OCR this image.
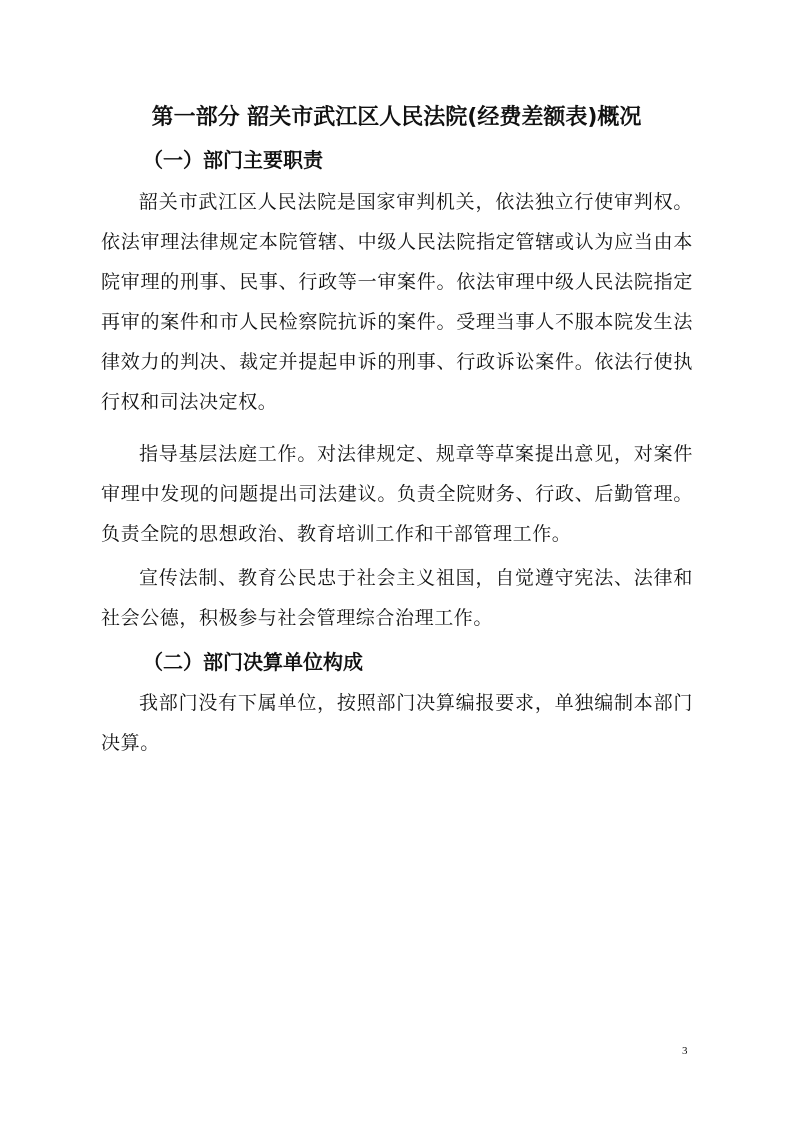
第一部分 韶关市武江区人民法院(经费差额表)概况
（一）部门主要职责

韶关市武江区人民法院是国家审判机关，依法独立行使审判权。依法审理法律规定本院管辖、中级人民法院指定管辖或认为应当由本院审理的刑事、民事、行政等一审案件。依法审理中级人民法院指定再审的案件和市人民检察院抗诉的案件。受理当事人不服本院发生法律效力的判决、裁定并提起申诉的刑事、行政诉讼案件。依法行使执行权和司法决定权。

指导基层法庭工作。对法律规定、规章等草案提出意见，对案件审理中发现的问题提出司法建议。负责全院财务、行政、后勤管理。负责全院的思想政治、教育培训工作和干部管理工作。

宣传法制、教育公民忠于社会主义祖国，自觉遵守宪法、法律和社会公德，积极参与社会管理综合治理工作。

（二）部门决算单位构成

我部门没有下属单位，按照部门决算编报要求，单独编制本部门决算。

3
